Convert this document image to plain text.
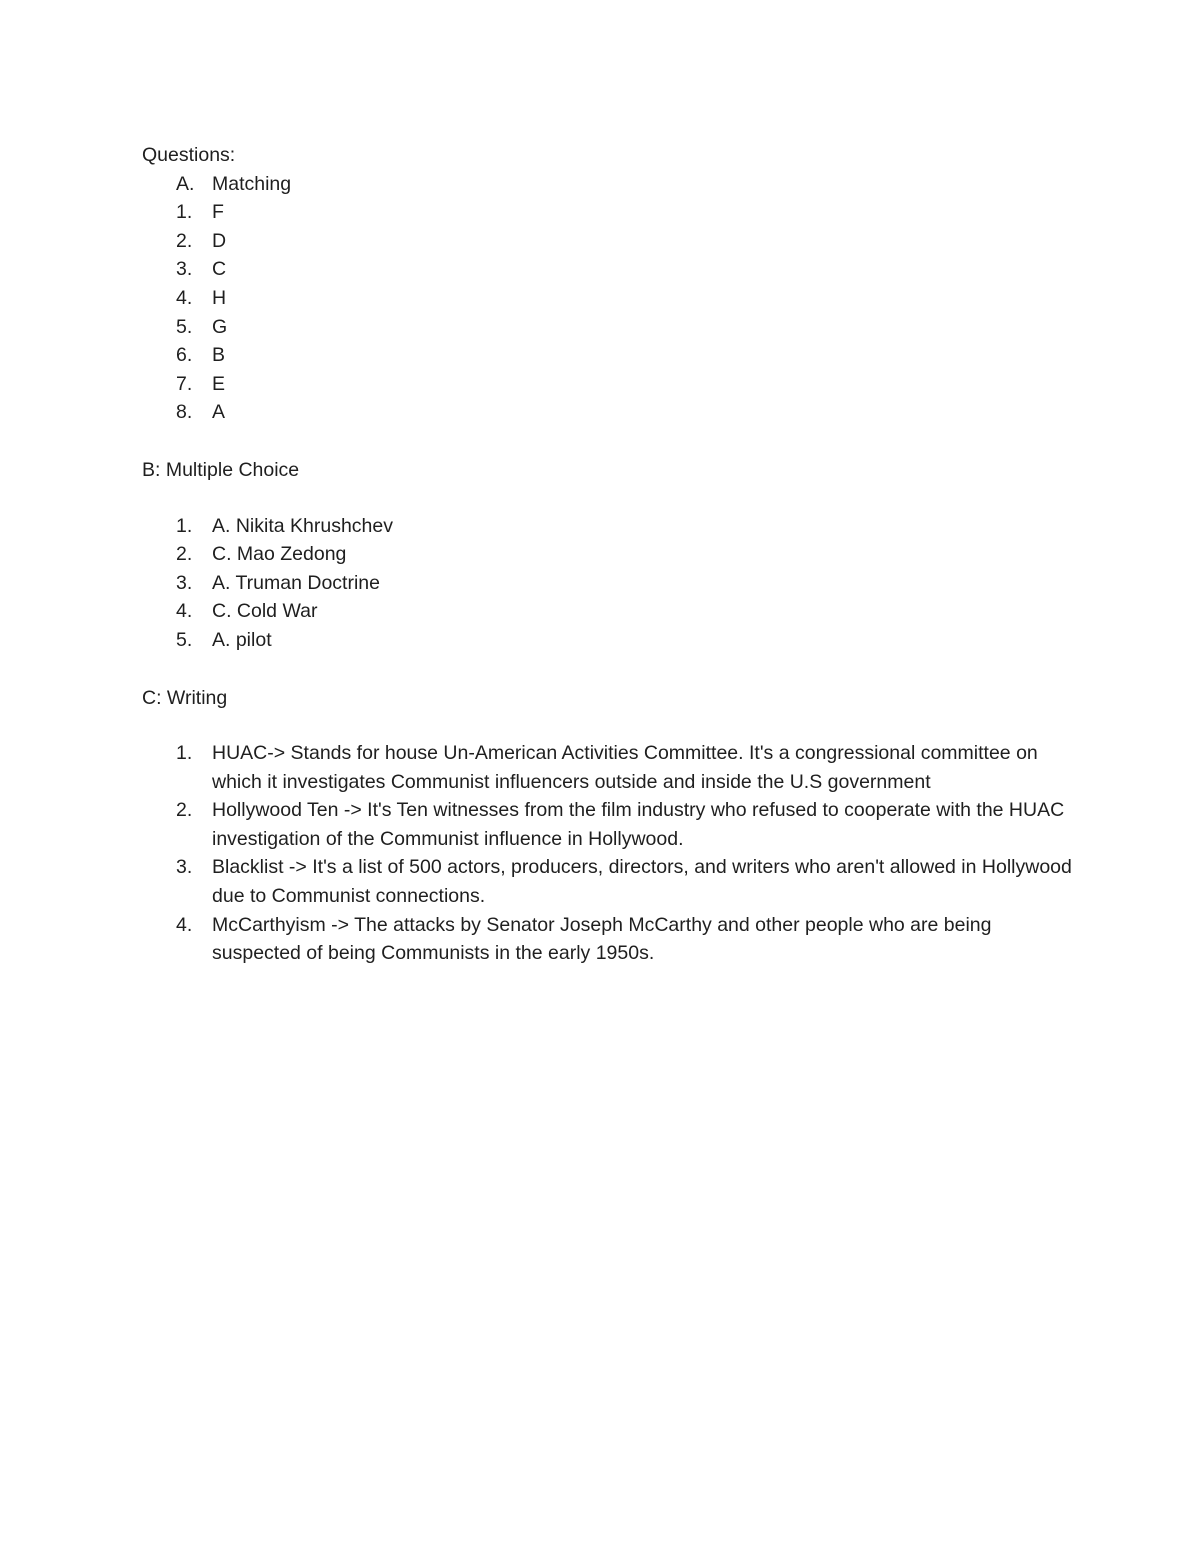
Questions:
A. Matching
1.	F
2.	D
3.	C
4.	H
5.	G
6.	B
7.	E
8.	A
B: Multiple Choice
1.	A. Nikita Khrushchev
2.	C. Mao Zedong
3.	A. Truman Doctrine
4.	C. Cold War
5.	A. pilot
C: Writing
1.	HUAC-> Stands for house Un-American Activities Committee. It's a congressional committee on which it investigates Communist influencers outside and inside the U.S government
2.	Hollywood Ten -> It's Ten witnesses from the film industry who refused to cooperate with the HUAC investigation of the Communist influence in Hollywood.
3.	Blacklist -> It's a list of 500 actors, producers, directors, and writers who aren't allowed in Hollywood due to Communist connections.
4.	McCarthyism -> The attacks by Senator Joseph McCarthy and other people who are being suspected of being Communists in the early 1950s.
